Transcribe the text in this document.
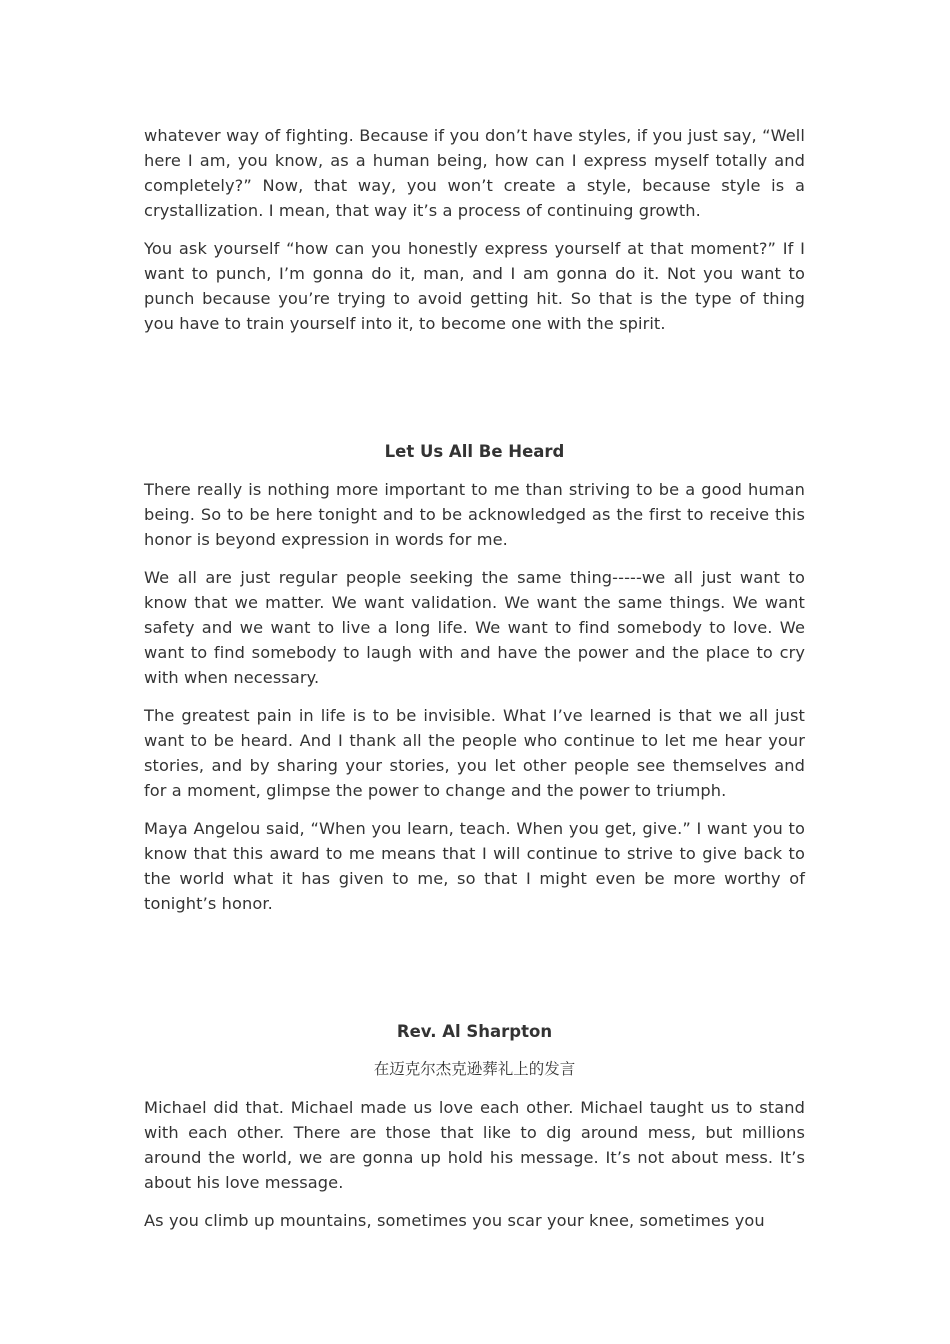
whatever way of fighting. Because if you don’t have styles, if you just say, “Well here I am, you know, as a human being, how can I express myself totally and completely?” Now, that way, you won’t create a style, because style is a crystallization. I mean, that way it’s a process of continuing growth.

You ask yourself “how can you honestly express yourself at that moment?” If I want to punch, I’m gonna do it, man, and I am gonna do it. Not you want to punch because you’re trying to avoid getting hit. So that is the type of thing you have to train yourself into it, to become one with the spirit.

Let Us All Be Heard

There really is nothing more important to me than striving to be a good human being. So to be here tonight and to be acknowledged as the first to receive this honor is beyond expression in words for me.

We all are just regular people seeking the same thing-----we all just want to know that we matter. We want validation. We want the same things. We want safety and we want to live a long life. We want to find somebody to love. We want to find somebody to laugh with and have the power and the place to cry with when necessary.

The greatest pain in life is to be invisible. What I’ve learned is that we all just want to be heard. And I thank all the people who continue to let me hear your stories, and by sharing your stories, you let other people see themselves and for a moment, glimpse the power to change and the power to triumph.

Maya Angelou said, “When you learn, teach. When you get, give.” I want you to know that this award to me means that I will continue to strive to give back to the world what it has given to me, so that I might even be more worthy of tonight’s honor.

Rev. Al Sharpton
在迈克尔杰克逊葬礼上的发言

Michael did that. Michael made us love each other. Michael taught us to stand with each other. There are those that like to dig around mess, but millions around the world, we are gonna up hold his message. It’s not about mess. It’s about his love message.

As you climb up mountains, sometimes you scar your knee, sometimes you
